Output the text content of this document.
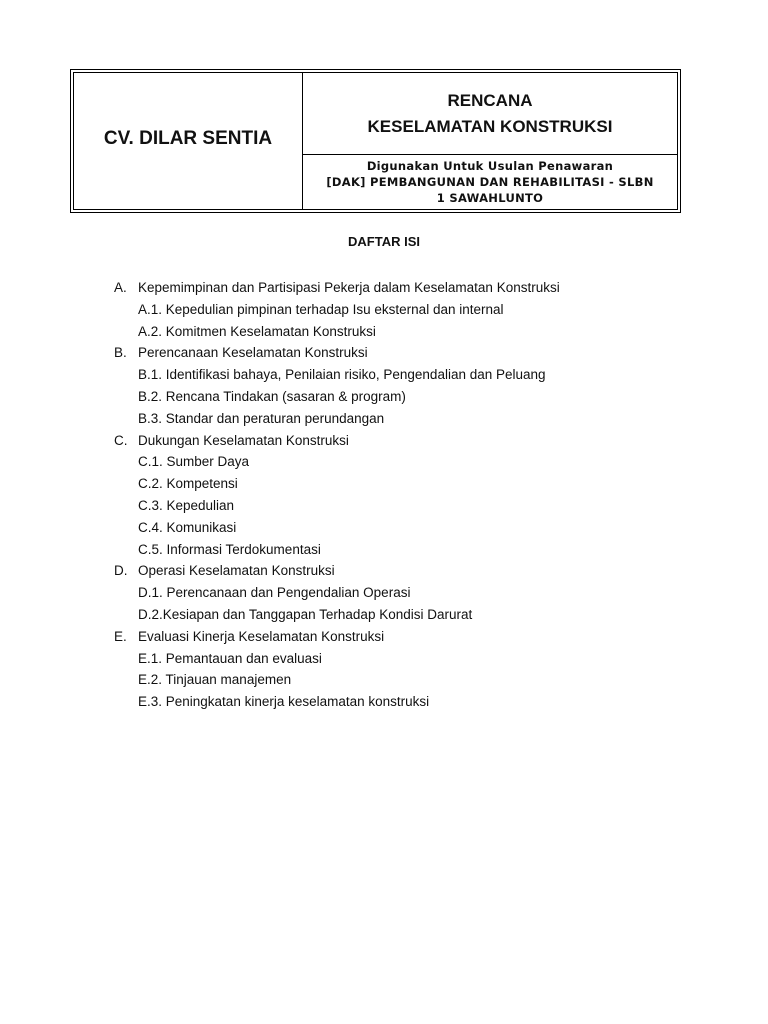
CV. DILAR SENTIA
RENCANA
KESELAMATAN KONSTRUKSI
Digunakan Untuk Usulan Penawaran
[DAK] PEMBANGUNAN DAN REHABILITASI - SLBN
1 SAWAHLUNTO
DAFTAR ISI
A. Kepemimpinan dan Partisipasi Pekerja dalam Keselamatan Konstruksi
A.1. Kepedulian pimpinan terhadap Isu eksternal dan internal
A.2. Komitmen Keselamatan Konstruksi
B. Perencanaan Keselamatan Konstruksi
B.1. Identifikasi bahaya, Penilaian risiko, Pengendalian dan Peluang
B.2. Rencana Tindakan (sasaran & program)
B.3. Standar dan peraturan perundangan
C. Dukungan Keselamatan Konstruksi
C.1. Sumber Daya
C.2. Kompetensi
C.3. Kepedulian
C.4. Komunikasi
C.5. Informasi Terdokumentasi
D. Operasi Keselamatan Konstruksi
D.1. Perencanaan dan Pengendalian Operasi
D.2.Kesiapan dan Tanggapan Terhadap Kondisi Darurat
E. Evaluasi Kinerja Keselamatan Konstruksi
E.1. Pemantauan dan evaluasi
E.2. Tinjauan manajemen
E.3. Peningkatan kinerja keselamatan konstruksi
